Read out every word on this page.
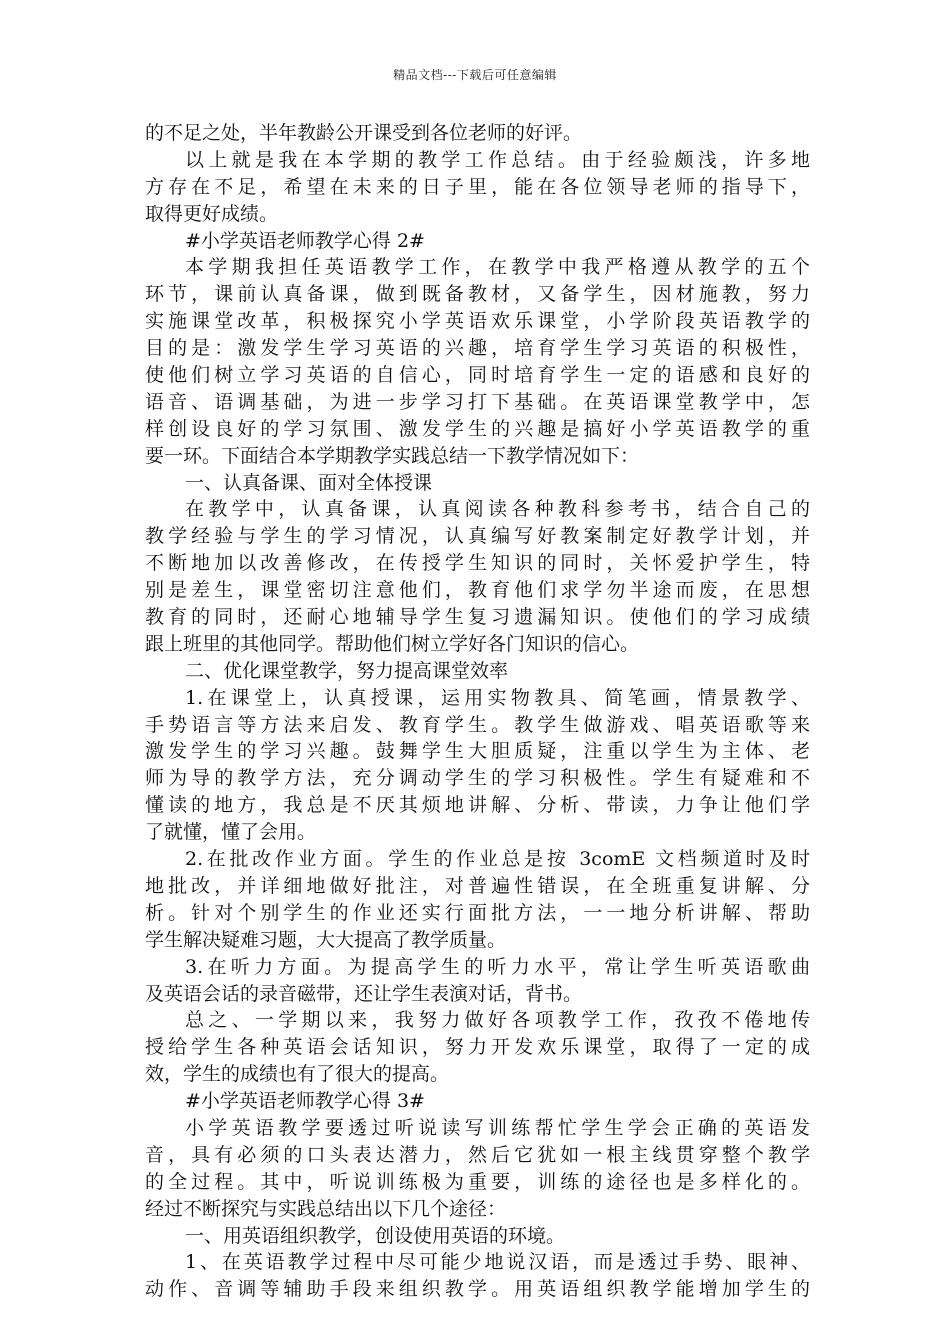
精品文档---下载后可任意编辑
的不足之处，半年教龄公开课受到各位老师的好评。
以上就是我在本学期的教学工作总结。由于经验颇浅，许多地
方存在不足，希望在未来的日子里，能在各位领导老师的指导下，
取得更好成绩。
#小学英语老师教学心得 2#
本学期我担任英语教学工作，在教学中我严格遵从教学的五个
环节，课前认真备课，做到既备教材，又备学生，因材施教，努力
实施课堂改革，积极探究小学英语欢乐课堂，小学阶段英语教学的
目的是：激发学生学习英语的兴趣，培育学生学习英语的积极性，
使他们树立学习英语的自信心，同时培育学生一定的语感和良好的
语音、语调基础，为进一步学习打下基础。在英语课堂教学中，怎
样创设良好的学习氛围、激发学生的兴趣是搞好小学英语教学的重
要一环。下面结合本学期教学实践总结一下教学情况如下：
一、认真备课、面对全体授课
在教学中，认真备课，认真阅读各种教科参考书，结合自己的
教学经验与学生的学习情况，认真编写好教案制定好教学计划，并
不断地加以改善修改，在传授学生知识的同时，关怀爱护学生，特
别是差生，课堂密切注意他们，教育他们求学勿半途而废，在思想
教育的同时，还耐心地辅导学生复习遗漏知识。使他们的学习成绩
跟上班里的其他同学。帮助他们树立学好各门知识的信心。
二、优化课堂教学，努力提高课堂效率
1.在课堂上，认真授课，运用实物教具、简笔画，情景教学、
手势语言等方法来启发、教育学生。教学生做游戏、唱英语歌等来
激发学生的学习兴趣。鼓舞学生大胆质疑，注重以学生为主体、老
师为导的教学方法，充分调动学生的学习积极性。学生有疑难和不
懂读的地方，我总是不厌其烦地讲解、分析、带读，力争让他们学
了就懂，懂了会用。
2.在批改作业方面。学生的作业总是按 3comE 文档频道时及时
地批改，并详细地做好批注，对普遍性错误，在全班重复讲解、分
析。针对个别学生的作业还实行面批方法，一一地分析讲解、帮助
学生解决疑难习题，大大提高了教学质量。
3.在听力方面。为提高学生的听力水平，常让学生听英语歌曲
及英语会话的录音磁带，还让学生表演对话，背书。
总之、一学期以来，我努力做好各项教学工作，孜孜不倦地传
授给学生各种英语会话知识，努力开发欢乐课堂，取得了一定的成
效，学生的成绩也有了很大的提高。
#小学英语老师教学心得 3#
小学英语教学要透过听说读写训练帮忙学生学会正确的英语发
音，具有必须的口头表达潜力，然后它犹如一根主线贯穿整个教学
的全过程。其中，听说训练极为重要，训练的途径也是多样化的。
经过不断探究与实践总结出以下几个途径：
一、用英语组织教学，创设使用英语的环境。
1、在英语教学过程中尽可能少地说汉语，而是透过手势、眼神、
动作、音调等辅助手段来组织教学。用英语组织教学能增加学生的
